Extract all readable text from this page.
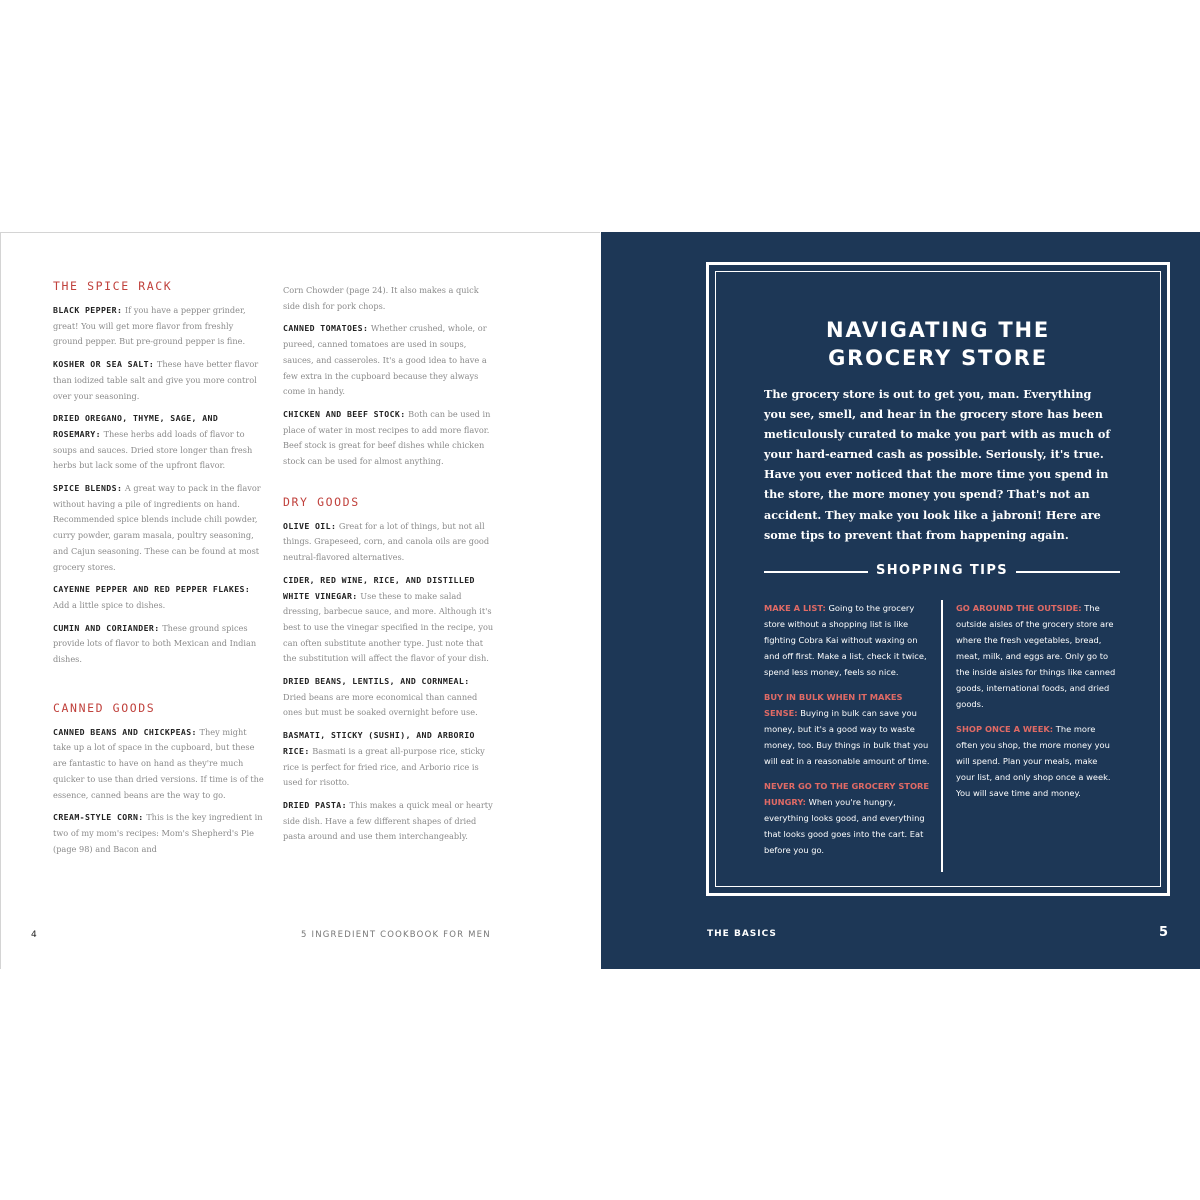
THE SPICE RACK

BLACK PEPPER: If you have a pepper grinder, great! You will get more flavor from freshly ground pepper. But pre-ground pepper is fine.

KOSHER OR SEA SALT: These have better flavor than iodized table salt and give you more control over your seasoning.

DRIED OREGANO, THYME, SAGE, AND ROSEMARY: These herbs add loads of flavor to soups and sauces. Dried store longer than fresh herbs but lack some of the upfront flavor.

SPICE BLENDS: A great way to pack in the flavor without having a pile of ingredients on hand. Recommended spice blends include chili powder, curry powder, garam masala, poultry seasoning, and Cajun seasoning. These can be found at most grocery stores.

CAYENNE PEPPER AND RED PEPPER FLAKES: Add a little spice to dishes.

CUMIN AND CORIANDER: These ground spices provide lots of flavor to both Mexican and Indian dishes.

CANNED GOODS

CANNED BEANS AND CHICKPEAS: They might take up a lot of space in the cupboard, but these are fantastic to have on hand as they're much quicker to use than dried versions. If time is of the essence, canned beans are the way to go.

CREAM-STYLE CORN: This is the key ingredient in two of my mom's recipes: Mom's Shepherd's Pie (page 98) and Bacon and

Corn Chowder (page 24). It also makes a quick side dish for pork chops.

CANNED TOMATOES: Whether crushed, whole, or pureed, canned tomatoes are used in soups, sauces, and casseroles. It's a good idea to have a few extra in the cupboard because they always come in handy.

CHICKEN AND BEEF STOCK: Both can be used in place of water in most recipes to add more flavor. Beef stock is great for beef dishes while chicken stock can be used for almost anything.

DRY GOODS

OLIVE OIL: Great for a lot of things, but not all things. Grapeseed, corn, and canola oils are good neutral-flavored alternatives.

CIDER, RED WINE, RICE, AND DISTILLED WHITE VINEGAR: Use these to make salad dressing, barbecue sauce, and more. Although it's best to use the vinegar specified in the recipe, you can often substitute another type. Just note that the substitution will affect the flavor of your dish.

DRIED BEANS, LENTILS, AND CORNMEAL: Dried beans are more economical than canned ones but must be soaked overnight before use.

BASMATI, STICKY (SUSHI), AND ARBORIO RICE: Basmati is a great all-purpose rice, sticky rice is perfect for fried rice, and Arborio rice is used for risotto.

DRIED PASTA: This makes a quick meal or hearty side dish. Have a few different shapes of dried pasta around and use them interchangeably.

4	5 INGREDIENT COOKBOOK FOR MEN
NAVIGATING THE
GROCERY STORE
The grocery store is out to get you, man. Everything you see, smell, and hear in the grocery store has been meticulously curated to make you part with as much of your hard-earned cash as possible. Seriously, it's true. Have you ever noticed that the more time you spend in the store, the more money you spend? That's not an accident. They make you look like a jabroni! Here are some tips to prevent that from happening again.
SHOPPING TIPS

MAKE A LIST: Going to the grocery store without a shopping list is like fighting Cobra Kai without waxing on and off first. Make a list, check it twice, spend less money, feels so nice.

BUY IN BULK WHEN IT MAKES SENSE: Buying in bulk can save you money, but it's a good way to waste money, too. Buy things in bulk that you will eat in a reasonable amount of time.

NEVER GO TO THE GROCERY STORE HUNGRY: When you're hungry, everything looks good, and everything that looks good goes into the cart. Eat before you go.

GO AROUND THE OUTSIDE: The outside aisles of the grocery store are where the fresh vegetables, bread, meat, milk, and eggs are. Only go to the inside aisles for things like canned goods, international foods, and dried goods.

SHOP ONCE A WEEK: The more often you shop, the more money you will spend. Plan your meals, make your list, and only shop once a week. You will save time and money.

THE BASICS	5
